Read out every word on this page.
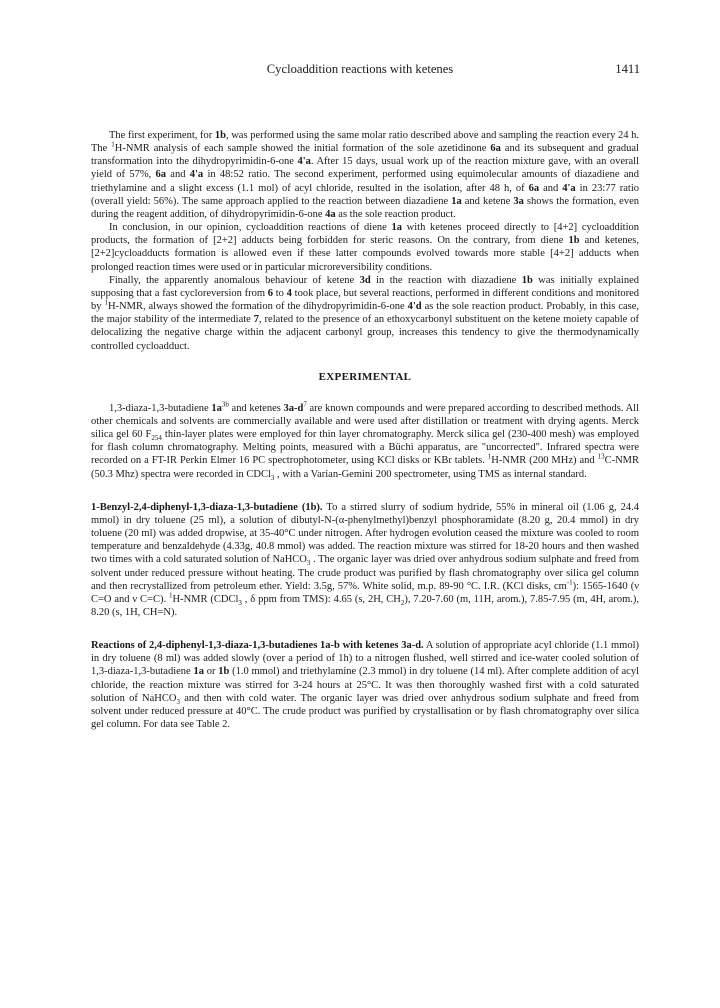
Cycloaddition reactions with ketenes	1411

The first experiment, for 1b, was performed using the same molar ratio described above and sampling the reaction every 24 h. The $^1$H-NMR analysis of each sample showed the initial formation of the sole azetidinone 6a and its subsequent and gradual transformation into the dihydropyrimidin-6-one 4'a. After 15 days, usual work up of the reaction mixture gave, with an overall yield of 57%, 6a and 4'a in 48:52 ratio. The second experiment, performed using equimolecular amounts of diazadiene and triethylamine and a slight excess (1.1 mol) of acyl chloride, resulted in the isolation, after 48 h, of 6a and 4'a in 23:77 ratio (overall yield: 56%). The same approach applied to the reaction between diazadiene 1a and ketene 3a shows the formation, even during the reagent addition, of dihydropyrimidin-6-one 4a as the sole reaction product.

In conclusion, in our opinion, cycloaddition reactions of diene 1a with ketenes proceed directly to [4+2] cycloaddition products, the formation of [2+2] adducts being forbidden for steric reasons. On the contrary, from diene 1b and ketenes, [2+2]cycloadducts formation is allowed even if these latter compounds evolved towards more stable [4+2] adducts when prolonged reaction times were used or in particular microreversibility conditions.

Finally, the apparently anomalous behaviour of ketene 3d in the reaction with diazadiene 1b was initially explained supposing that a fast cycloreversion from 6 to 4 took place, but several reactions, performed in different conditions and monitored by $^1$H-NMR, always showed the formation of the dihydropyrimidin-6-one 4'd as the sole reaction product. Probably, in this case, the major stability of the intermediate 7, related to the presence of an ethoxycarbonyl substituent on the ketene moiety capable of delocalizing the negative charge within the adjacent carbonyl group, increases this tendency to give the thermodynamically controlled cycloadduct.

EXPERIMENTAL

1,3-diaza-1,3-butadiene $1a^{3b}$ and ketenes $3a-d^7$ are known compounds and were prepared according to described methods. All other chemicals and solvents are commercially available and were used after distillation or treatment with drying agents. Merck silica gel 60 $F_{254}$ thin-layer plates were employed for thin layer chromatography. Merck silica gel (230-400 mesh) was employed for flash column chromatography. Melting points, measured with a Büchi apparatus, are "uncorrected". Infrared spectra were recorded on a FT-IR Perkin Elmer 16 PC spectrophotometer, using KCl disks or KBr tablets. $^1$H-NMR (200 MHz) and $^{13}$C-NMR (50.3 Mhz) spectra were recorded in CDCl$_3$ , with a Varian-Gemini 200 spectrometer, using TMS as internal standard.

1-Benzyl-2,4-diphenyl-1,3-diaza-1,3-butadiene (1b). To a stirred slurry of sodium hydride, 55% in mineral oil (1.06 g, 24.4 mmol) in dry toluene (25 ml), a solution of dibutyl-N-(α-phenylmethyl)benzyl phosphoramidate (8.20 g, 20.4 mmol) in dry toluene (20 ml) was added dropwise, at 35-40°C under nitrogen. After hydrogen evolution ceased the mixture was cooled to room temperature and benzaldehyde (4.33g, 40.8 mmol) was added. The reaction mixture was stirred for 18-20 hours and then washed two times with a cold saturated solution of NaHCO$_3$ . The organic layer was dried over anhydrous sodium sulphate and freed from solvent under reduced pressure without heating. The crude product was purified by flash chromatography over silica gel column and then recrystallized from petroleum ether. Yield: 3.5g, 57%. White solid, m.p. 89-90 °C. I.R. (KCl disks, $cm^{-1}$): 1565-1640 (ν C=O and ν C=C). $^1$H-NMR (CDCl$_3$ , δ ppm from TMS): 4.65 (s, 2H, $CH_2$), 7.20-7.60 (m, 11H, arom.), 7.85-7.95 (m, 4H, arom.), 8.20 (s, 1H, CH=N).

Reactions of 2,4-diphenyl-1,3-diaza-1,3-butadienes 1a-b with ketenes 3a-d. A solution of appropriate acyl chloride (1.1 mmol) in dry toluene (8 ml) was added slowly (over a period of 1h) to a nitrogen flushed, well stirred and ice-water cooled solution of 1,3-diaza-1,3-butadiene 1a or 1b (1.0 mmol) and triethylamine (2.3 mmol) in dry toluene (14 ml). After complete addition of acyl chloride, the reaction mixture was stirred for 3-24 hours at 25°C. It was then thoroughly washed first with a cold saturated solution of NaHCO$_3$ and then with cold water. The organic layer was dried over anhydrous sodium sulphate and freed from solvent under reduced pressure at 40°C. The crude product was purified by crystallisation or by flash chromatography over silica gel column. For data see Table 2.
